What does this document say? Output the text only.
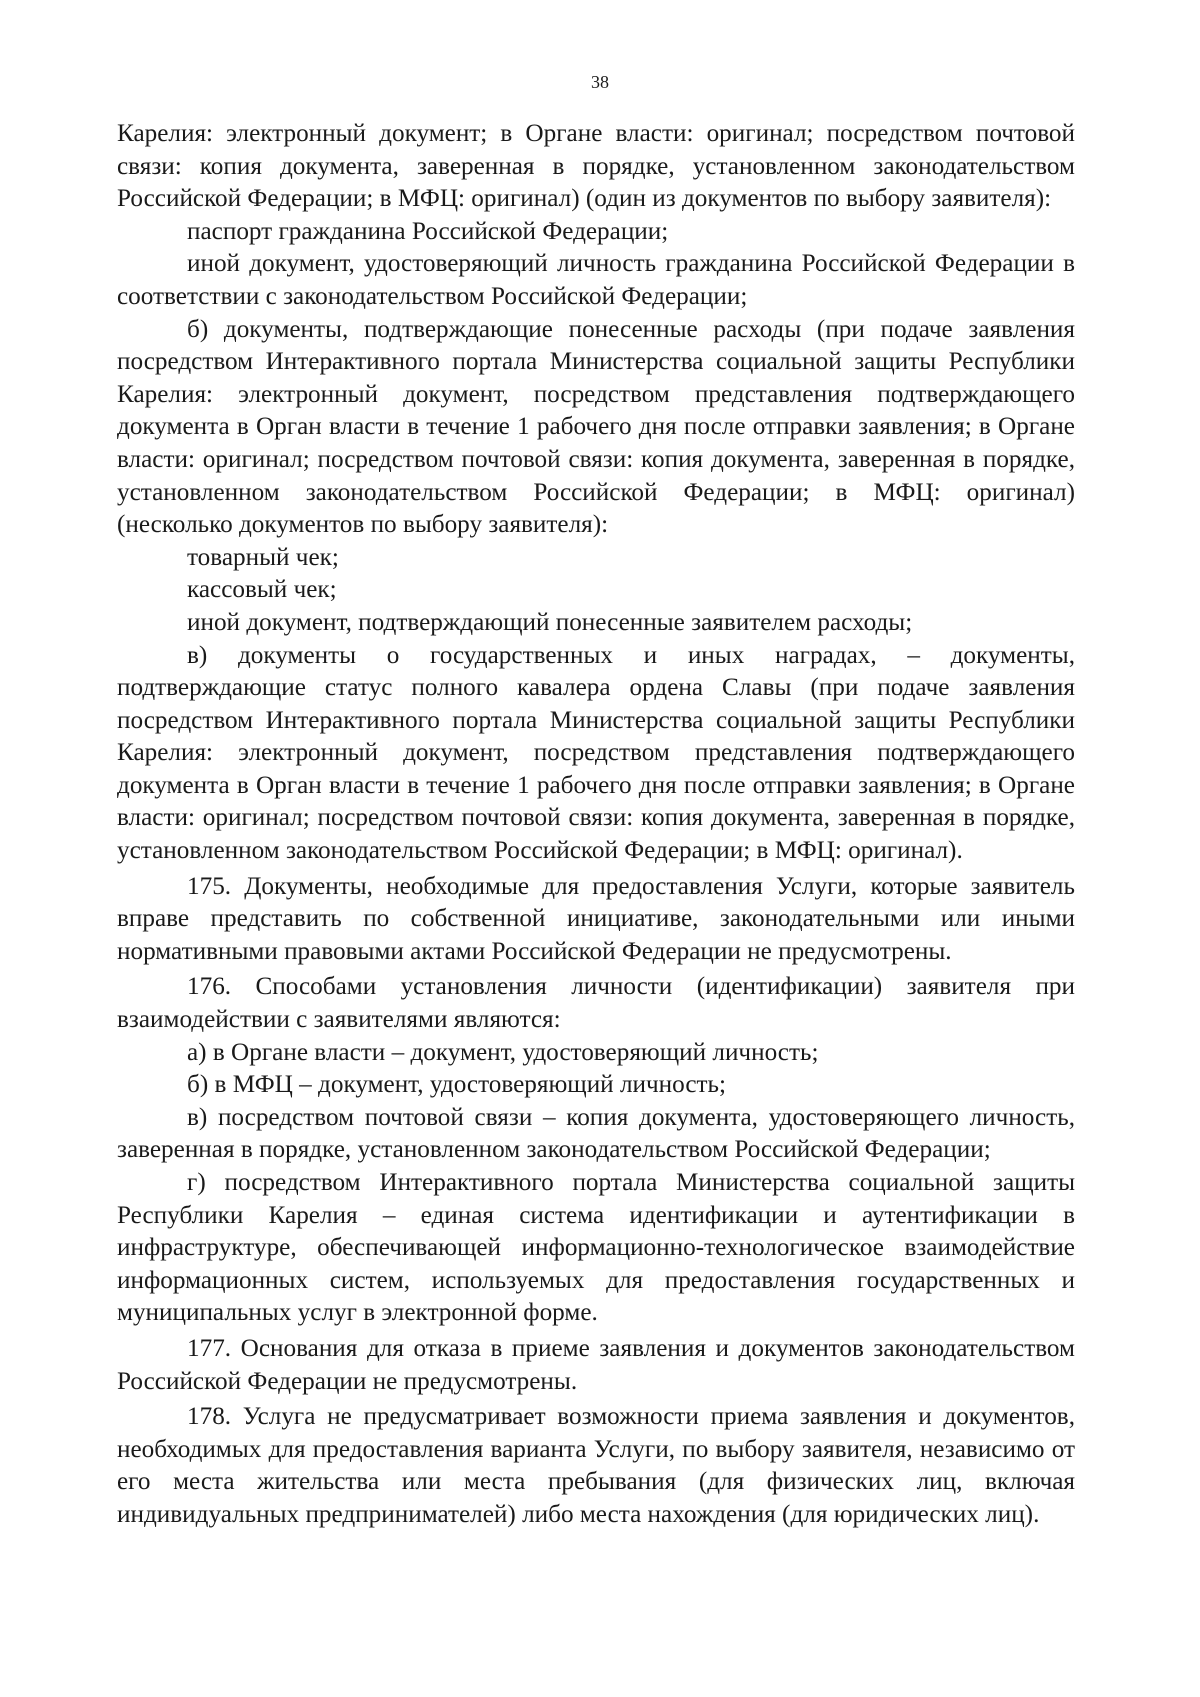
38

Карелия: электронный документ; в Органе власти: оригинал; посредством почтовой связи: копия документа, заверенная в порядке, установленном законодательством Российской Федерации; в МФЦ: оригинал) (один из документов по выбору заявителя):

паспорт гражданина Российской Федерации;

иной документ, удостоверяющий личность гражданина Российской Федерации в соответствии с законодательством Российской Федерации;

б) документы, подтверждающие понесенные расходы (при подаче заявления посредством Интерактивного портала Министерства социальной защиты Республики Карелия: электронный документ, посредством представления подтверждающего документа в Орган власти в течение 1 рабочего дня после отправки заявления; в Органе власти: оригинал; посредством почтовой связи: копия документа, заверенная в порядке, установленном законодательством Российской Федерации; в МФЦ: оригинал) (несколько документов по выбору заявителя):

товарный чек;

кассовый чек;

иной документ, подтверждающий понесенные заявителем расходы;

в) документы о государственных и иных наградах, – документы, подтверждающие статус полного кавалера ордена Славы (при подаче заявления посредством Интерактивного портала Министерства социальной защиты Республики Карелия: электронный документ, посредством представления подтверждающего документа в Орган власти в течение 1 рабочего дня после отправки заявления; в Органе власти: оригинал; посредством почтовой связи: копия документа, заверенная в порядке, установленном законодательством Российской Федерации; в МФЦ: оригинал).

175. Документы, необходимые для предоставления Услуги, которые заявитель вправе представить по собственной инициативе, законодательными или иными нормативными правовыми актами Российской Федерации не предусмотрены.

176. Способами установления личности (идентификации) заявителя при взаимодействии с заявителями являются:

а) в Органе власти – документ, удостоверяющий личность;

б) в МФЦ – документ, удостоверяющий личность;

в) посредством почтовой связи – копия документа, удостоверяющего личность, заверенная в порядке, установленном законодательством Российской Федерации;

г) посредством Интерактивного портала Министерства социальной защиты Республики Карелия – единая система идентификации и аутентификации в инфраструктуре, обеспечивающей информационно-технологическое взаимодействие информационных систем, используемых для предоставления государственных и муниципальных услуг в электронной форме.

177. Основания для отказа в приеме заявления и документов законодательством Российской Федерации не предусмотрены.

178. Услуга не предусматривает возможности приема заявления и документов, необходимых для предоставления варианта Услуги, по выбору заявителя, независимо от его места жительства или места пребывания (для физических лиц, включая индивидуальных предпринимателей) либо места нахождения (для юридических лиц).
